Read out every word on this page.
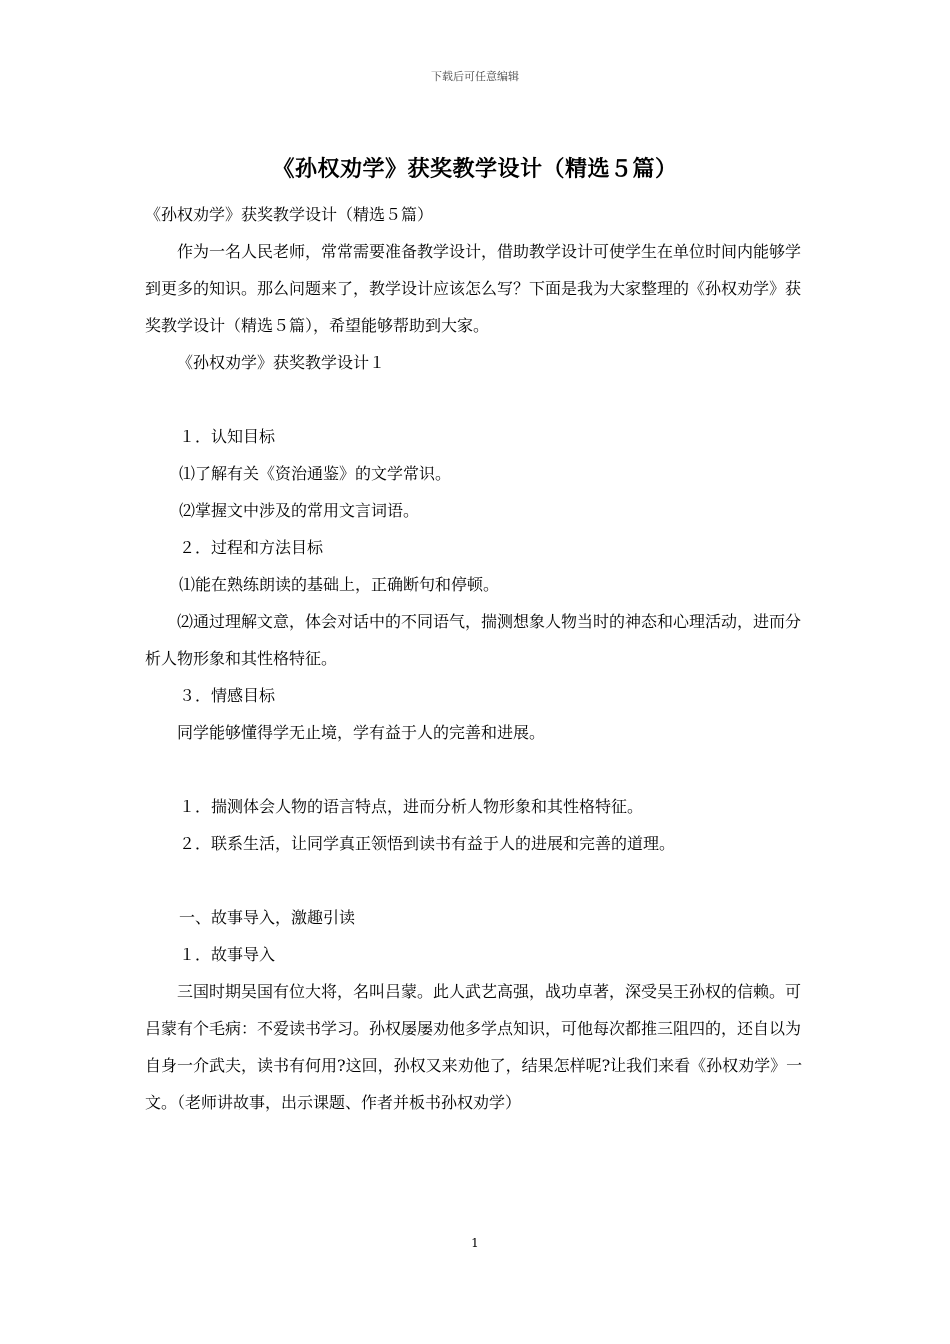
下载后可任意编辑
《孙权劝学》获奖教学设计（精选５篇）

《孙权劝学》获奖教学设计（精选５篇）

作为一名人民老师，常常需要准备教学设计，借助教学设计可使学生在单位时间内能够学到更多的知识。那么问题来了，教学设计应该怎么写？下面是我为大家整理的《孙权劝学》获奖教学设计（精选５篇），希望能够帮助到大家。

《孙权劝学》获奖教学设计１

１．认知目标

⑴了解有关《资治通鉴》的文学常识。

⑵掌握文中涉及的常用文言词语。

２．过程和方法目标

⑴能在熟练朗读的基础上，正确断句和停顿。

⑵通过理解文意，体会对话中的不同语气，揣测想象人物当时的神态和心理活动，进而分析人物形象和其性格特征。

３．情感目标

同学能够懂得学无止境，学有益于人的完善和进展。

１．揣测体会人物的语言特点，进而分析人物形象和其性格特征。

２．联系生活，让同学真正领悟到读书有益于人的进展和完善的道理。

一、故事导入，激趣引读

１．故事导入

三国时期吴国有位大将，名叫吕蒙。此人武艺高强，战功卓著，深受吴王孙权的信赖。可吕蒙有个毛病：不爱读书学习。孙权屡屡劝他多学点知识，可他每次都推三阻四的，还自以为自身一介武夫，读书有何用?这回，孙权又来劝他了，结果怎样呢?让我们来看《孙权劝学》一文。（老师讲故事，出示课题、作者并板书孙权劝学）

1
